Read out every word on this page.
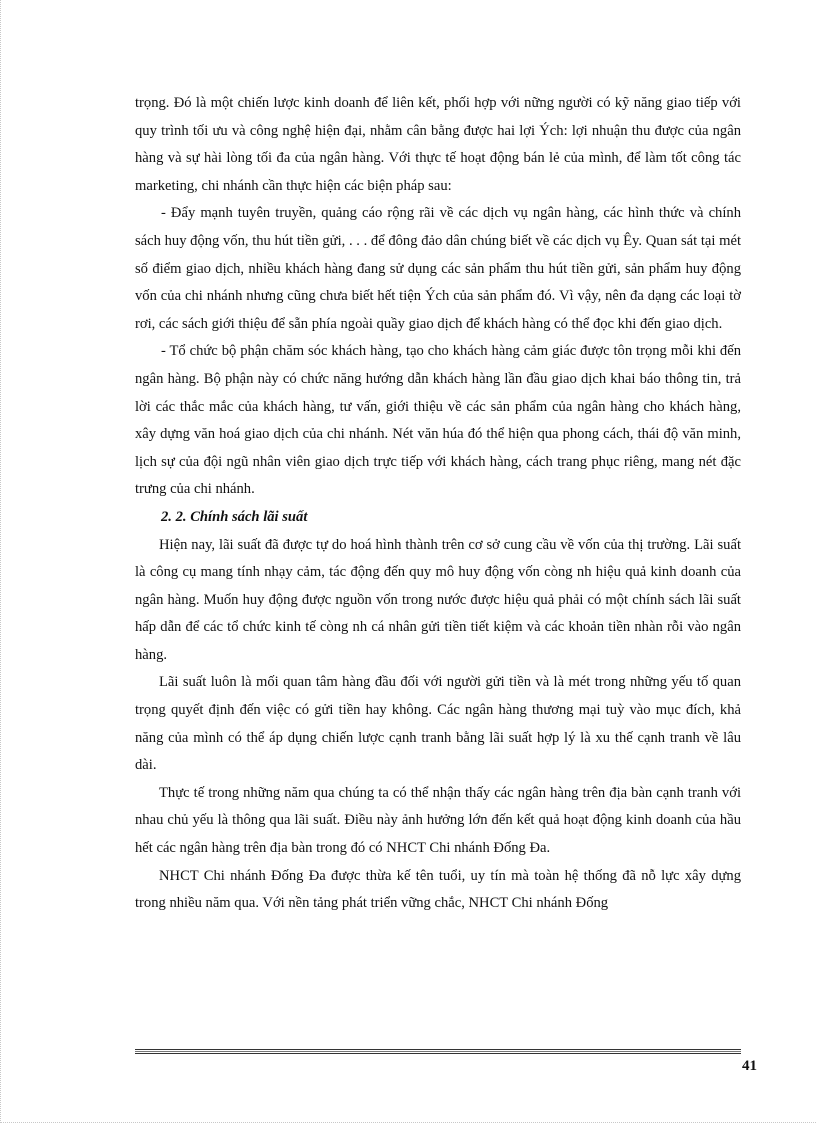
trọng. Đó là một chiến lược kinh doanh để liên kết, phối hợp với nững người có kỹ năng giao tiếp với quy trình tối ưu và công nghệ hiện đại, nhằm cân bằng được hai lợi Ých: lợi nhuận thu được của ngân hàng và sự hài lòng tối đa của ngân hàng. Với thực tế hoạt động bán lẻ của mình, để làm tốt công tác marketing, chi nhánh cần thực hiện các biện pháp sau:

- Đẩy mạnh tuyên truyền, quảng cáo rộng rãi về các dịch vụ ngân hàng, các hình thức và chính sách huy động vốn, thu hút tiền gửi, . . . để đông đảo dân chúng biết về các dịch vụ Êy. Quan sát tại mét số điểm giao dịch, nhiều khách hàng đang sử dụng các sản phẩm thu hút tiền gửi, sản phẩm huy động vốn của chi nhánh nhưng cũng chưa biết hết tiện Ých của sản phẩm đó. Vì vậy, nên đa dạng các loại tờ rơi, các sách giới thiệu để sẵn phía ngoài quầy giao dịch để khách hàng có thể đọc khi đến giao dịch.

- Tổ chức bộ phận chăm sóc khách hàng, tạo cho khách hàng cảm giác được tôn trọng mỗi khi đến ngân hàng. Bộ phận này có chức năng hướng dẫn khách hàng lần đầu giao dịch khai báo thông tin, trả lời các thắc mắc của khách hàng, tư vấn, giới thiệu về các sản phẩm của ngân hàng cho khách hàng, xây dựng văn hoá giao dịch của chi nhánh. Nét văn húa đó thể hiện qua phong cách, thái độ văn minh, lịch sự của đội ngũ nhân viên giao dịch trực tiếp với khách hàng, cách trang phục riêng, mang nét đặc trưng của chi nhánh.

2. 2. Chính sách lãi suất

Hiện nay, lãi suất đã được tự do hoá hình thành trên cơ sở cung cầu về vốn của thị trường. Lãi suất là công cụ mang tính nhạy cảm, tác động đến quy mô huy động vốn còng nh hiệu quả kinh doanh của ngân hàng. Muốn huy động được nguồn vốn trong nước được hiệu quả phải có một chính sách lãi suất hấp dẫn để các tổ chức kinh tế còng nh cá nhân gửi tiền tiết kiệm và các khoản tiền nhàn rỗi vào ngân hàng.

Lãi suất luôn là mối quan tâm hàng đầu đối với người gửi tiền và là mét trong những yếu tố quan trọng quyết định đến việc có gửi tiền hay không. Các ngân hàng thương mại tuỳ vào mục đích, khả năng của mình có thể áp dụng chiến lược cạnh tranh bằng lãi suất hợp lý là xu thế cạnh tranh về lâu dài.

Thực tế trong những năm qua chúng ta có thể nhận thấy các ngân hàng trên địa bàn cạnh tranh với nhau chủ yếu là thông qua lãi suất. Điều này ảnh hưởng lớn đến kết quả hoạt động kinh doanh của hầu hết các ngân hàng trên địa bàn trong đó có NHCT Chi nhánh Đống Đa.

NHCT Chi nhánh Đống Đa được thừa kế tên tuổi, uy tín mà toàn hệ thống đã nỗ lực xây dựng trong nhiều năm qua. Với nền tảng phát triển vững chắc, NHCT Chi nhánh Đống

41
